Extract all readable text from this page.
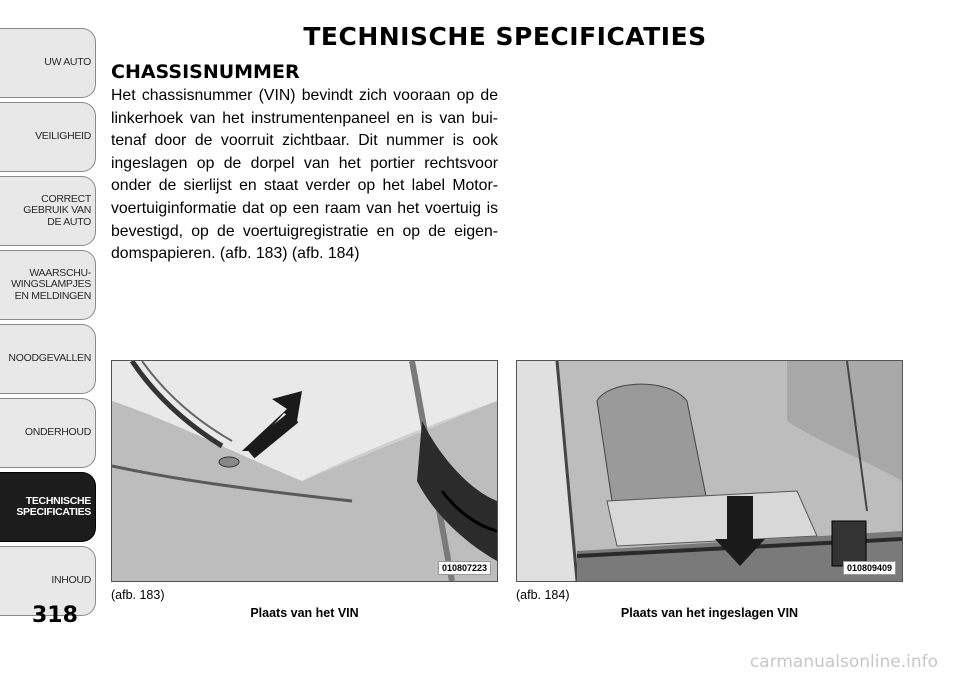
UW AUTO
VEILIGHEID
CORRECT
GEBRUIK VAN
DE AUTO
WAARSCHU-
WINGSLAMPJES
EN MELDINGEN
NOODGEVALLEN
ONDERHOUD
TECHNISCHE
SPECIFICATIES
INHOUD
318
TECHNISCHE SPECIFICATIES
CHASSISNUMMER
Het chassisnummer (VIN) bevindt zich vooraan op de linkerhoek van het instrumentenpaneel en is van bui-tenaf door de voorruit zichtbaar. Dit nummer is ook ingeslagen op de dorpel van het portier rechtsvoor onder de sierlijst en staat verder op het label Motor-voertuiginformatie dat op een raam van het voertuig is bevestigd, op de voertuigregistratie en op de eigen-domspapieren. (afb. 183) (afb. 184)
010807223	010809409
(afb. 183)
Plaats van het VIN
(afb. 184)
Plaats van het ingeslagen VIN
carmanualsonline.info
